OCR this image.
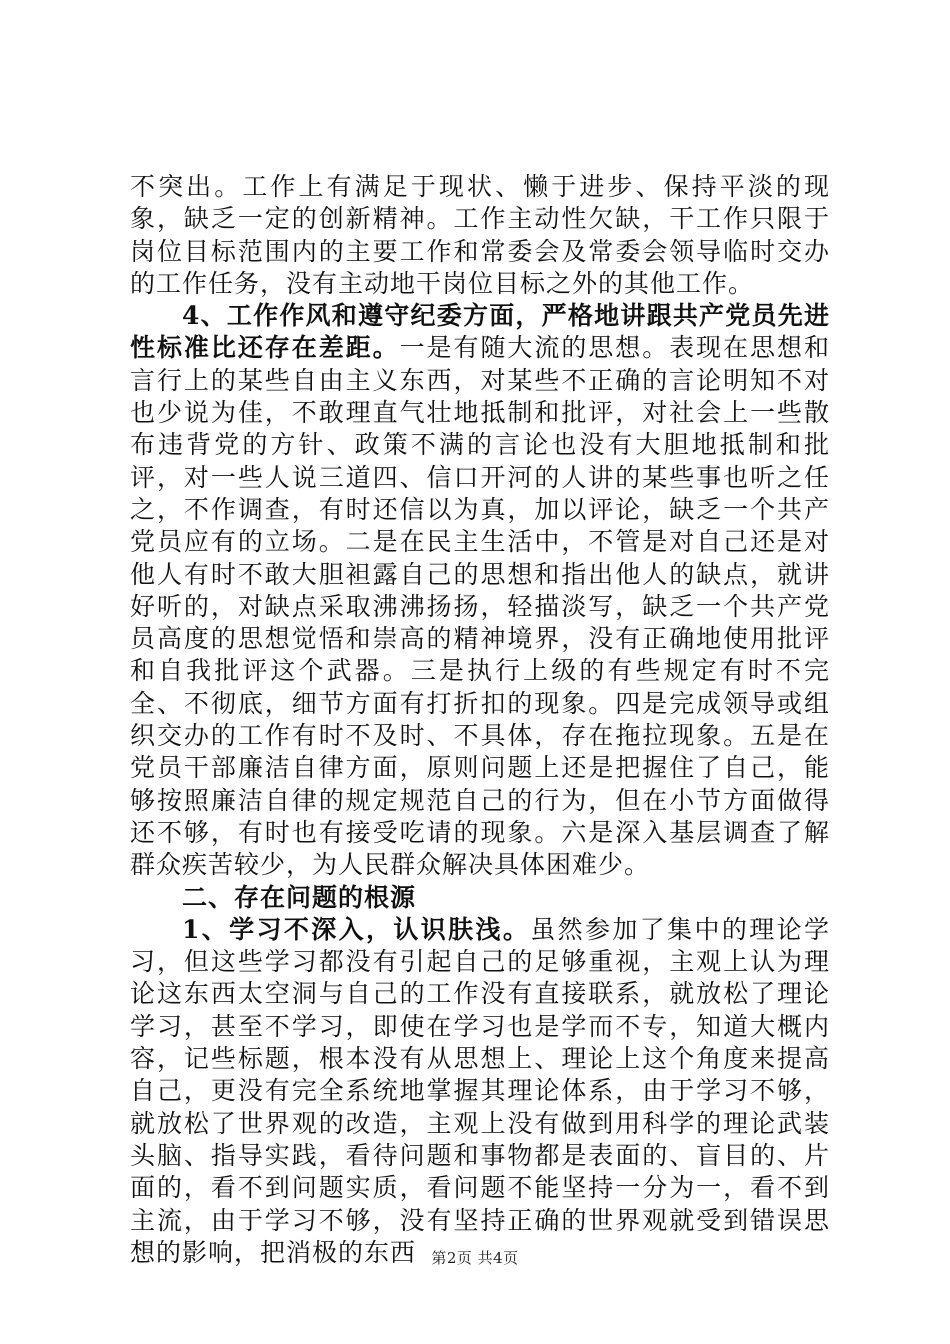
不突出。工作上有满足于现状、懒于进步、保持平淡的现象，缺乏一定的创新精神。工作主动性欠缺，干工作只限于岗位目标范围内的主要工作和常委会及常委会领导临时交办的工作任务，没有主动地干岗位目标之外的其他工作。

4、工作作风和遵守纪委方面，严格地讲跟共产党员先进性标准比还存在差距。一是有随大流的思想。表现在思想和言行上的某些自由主义东西，对某些不正确的言论明知不对也少说为佳，不敢理直气壮地抵制和批评，对社会上一些散布违背党的方针、政策不满的言论也没有大胆地抵制和批评，对一些人说三道四、信口开河的人讲的某些事也听之任之，不作调查，有时还信以为真，加以评论，缺乏一个共产党员应有的立场。二是在民主生活中，不管是对自己还是对他人有时不敢大胆袒露自己的思想和指出他人的缺点，就讲好听的，对缺点采取沸沸扬扬，轻描淡写，缺乏一个共产党员高度的思想觉悟和崇高的精神境界，没有正确地使用批评和自我批评这个武器。三是执行上级的有些规定有时不完全、不彻底，细节方面有打折扣的现象。四是完成领导或组织交办的工作有时不及时、不具体，存在拖拉现象。五是在党员干部廉洁自律方面，原则问题上还是把握住了自己，能够按照廉洁自律的规定规范自己的行为，但在小节方面做得还不够，有时也有接受吃请的现象。六是深入基层调查了解群众疾苦较少，为人民群众解决具体困难少。

二、存在问题的根源

1、学习不深入，认识肤浅。虽然参加了集中的理论学习，但这些学习都没有引起自己的足够重视，主观上认为理论这东西太空洞与自己的工作没有直接联系，就放松了理论学习，甚至不学习，即使在学习也是学而不专，知道大概内容，记些标题，根本没有从思想上、理论上这个角度来提高自己，更没有完全系统地掌握其理论体系，由于学习不够，就放松了世界观的改造，主观上没有做到用科学的理论武装头脑、指导实践，看待问题和事物都是表面的、盲目的、片面的，看不到问题实质，看问题不能坚持一分为一，看不到主流，由于学习不够，没有坚持正确的世界观就受到错误思想的影响，把消极的东西	第2页 共4页
